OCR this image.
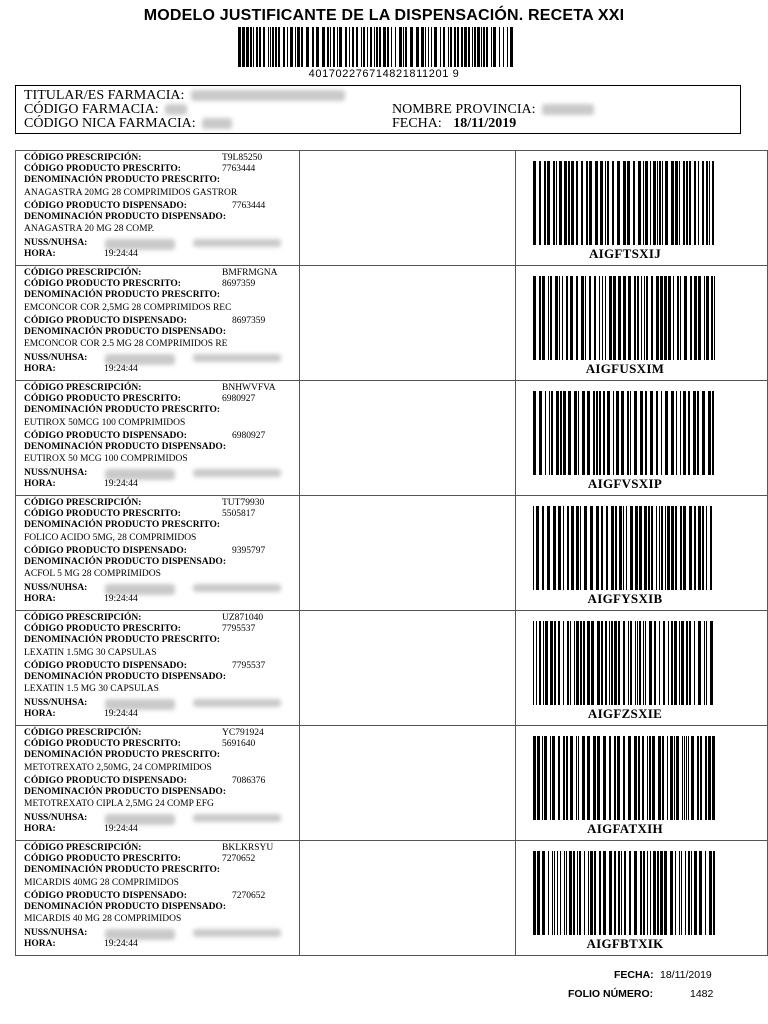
MODELO JUSTIFICANTE DE LA DISPENSACIÓN. RECETA XXI
401702276714821811201 9
TITULAR/ES FARMACIA:
CÓDIGO FARMACIA:
CÓDIGO NICA FARMACIA:
NOMBRE PROVINCIA:
FECHA: 18/11/2019
CÓDIGO PRESCRIPCIÓN:	T9L85250
CÓDIGO PRODUCTO PRESCRITO:	7763444
DENOMINACIÓN PRODUCTO PRESCRITO:
ANAGASTRA 20MG 28 COMPRIMIDOS GASTROR
CÓDIGO PRODUCTO DISPENSADO:	7763444
DENOMINACIÓN PRODUCTO DISPENSADO:
ANAGASTRA 20 MG 28 COMP.
NUSS/NUHSA:
HORA:	19:24:44	AIGFTSXIJ
CÓDIGO PRESCRIPCIÓN:	BMFRMGNA
CÓDIGO PRODUCTO PRESCRITO:	8697359
DENOMINACIÓN PRODUCTO PRESCRITO:
EMCONCOR COR 2,5MG 28 COMPRIMIDOS REC
CÓDIGO PRODUCTO DISPENSADO:	8697359
DENOMINACIÓN PRODUCTO DISPENSADO:
EMCONCOR COR 2.5 MG 28 COMPRIMIDOS RE
NUSS/NUHSA:
HORA:	19:24:44	AIGFUSXIM
CÓDIGO PRESCRIPCIÓN:	BNHWVFVA
CÓDIGO PRODUCTO PRESCRITO:	6980927
DENOMINACIÓN PRODUCTO PRESCRITO:
EUTIROX 50MCG 100 COMPRIMIDOS
CÓDIGO PRODUCTO DISPENSADO:	6980927
DENOMINACIÓN PRODUCTO DISPENSADO:
EUTIROX 50 MCG 100 COMPRIMIDOS
NUSS/NUHSA:
HORA:	19:24:44	AIGFVSXIP
CÓDIGO PRESCRIPCIÓN:	TUT79930
CÓDIGO PRODUCTO PRESCRITO:	5505817
DENOMINACIÓN PRODUCTO PRESCRITO:
FOLICO ACIDO 5MG, 28 COMPRIMIDOS
CÓDIGO PRODUCTO DISPENSADO:	9395797
DENOMINACIÓN PRODUCTO DISPENSADO:
ACFOL 5 MG 28 COMPRIMIDOS
NUSS/NUHSA:
HORA:	19:24:44	AIGFYSXIB
CÓDIGO PRESCRIPCIÓN:	UZ871040
CÓDIGO PRODUCTO PRESCRITO:	7795537
DENOMINACIÓN PRODUCTO PRESCRITO:
LEXATIN 1.5MG 30 CAPSULAS
CÓDIGO PRODUCTO DISPENSADO:	7795537
DENOMINACIÓN PRODUCTO DISPENSADO:
LEXATIN 1.5 MG 30 CAPSULAS
NUSS/NUHSA:
HORA:	19:24:44	AIGFZSXIE
CÓDIGO PRESCRIPCIÓN:	YC791924
CÓDIGO PRODUCTO PRESCRITO:	5691640
DENOMINACIÓN PRODUCTO PRESCRITO:
METOTREXATO 2,50MG, 24 COMPRIMIDOS
CÓDIGO PRODUCTO DISPENSADO:	7086376
DENOMINACIÓN PRODUCTO DISPENSADO:
METOTREXATO CIPLA 2,5MG 24 COMP EFG
NUSS/NUHSA:
HORA:	19:24:44	AIGFATXIH
CÓDIGO PRESCRIPCIÓN:	BKLKRSYU
CÓDIGO PRODUCTO PRESCRITO:	7270652
DENOMINACIÓN PRODUCTO PRESCRITO:
MICARDIS 40MG 28 COMPRIMIDOS
CÓDIGO PRODUCTO DISPENSADO:	7270652
DENOMINACIÓN PRODUCTO DISPENSADO:
MICARDIS 40 MG 28 COMPRIMIDOS
NUSS/NUHSA:
HORA:	19:24:44	AIGFBTXIK
FECHA: 18/11/2019
FOLIO NÚMERO:	1482
